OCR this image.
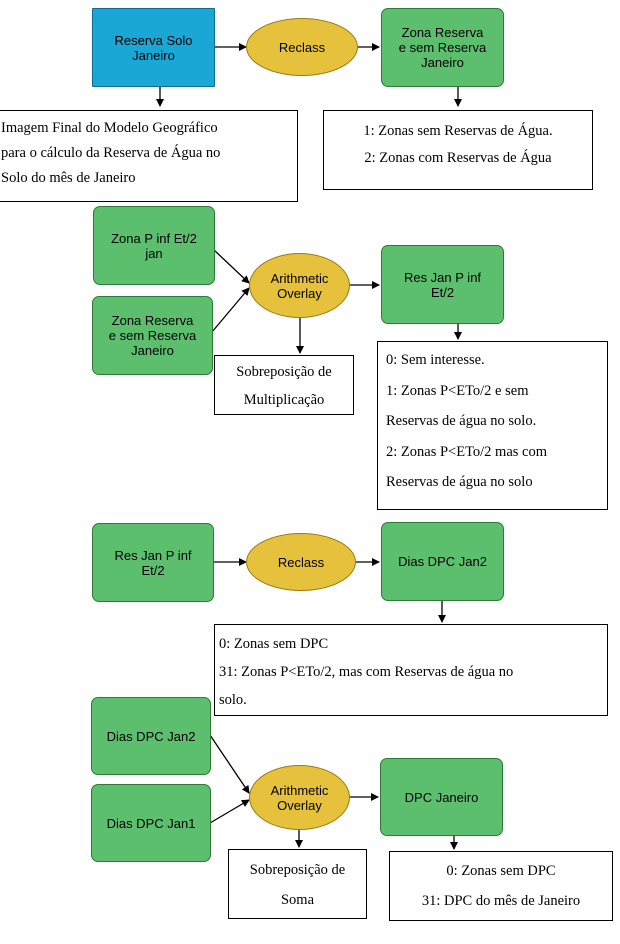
Reserva Solo
Janeiro
Reclass
Zona Reserva
e sem Reserva
Janeiro
Imagem Final do Modelo Geográfico
para o cálculo da Reserva de Água no
Solo do mês de Janeiro
1: Zonas sem Reservas de Água.
2: Zonas com Reservas de Água
Zona P inf Et/2
jan
Zona Reserva
e sem Reserva
Janeiro
Arithmetic
Overlay
Res Jan P inf
Et/2
Sobreposição de
Multiplicação
0: Sem interesse.
1: Zonas P<ETo/2 e sem
Reservas de água no solo.
2: Zonas P<ETo/2 mas com
Reservas de água no solo
Res Jan P inf
Et/2
Reclass	Dias DPC Jan2
0: Zonas sem DPC
31: Zonas P<ETo/2, mas com Reservas de água no
solo.
Dias DPC Jan2
Dias DPC Jan1
Arithmetic
Overlay
DPC Janeiro
Sobreposição de
Soma
0: Zonas sem DPC
31: DPC do mês de Janeiro
